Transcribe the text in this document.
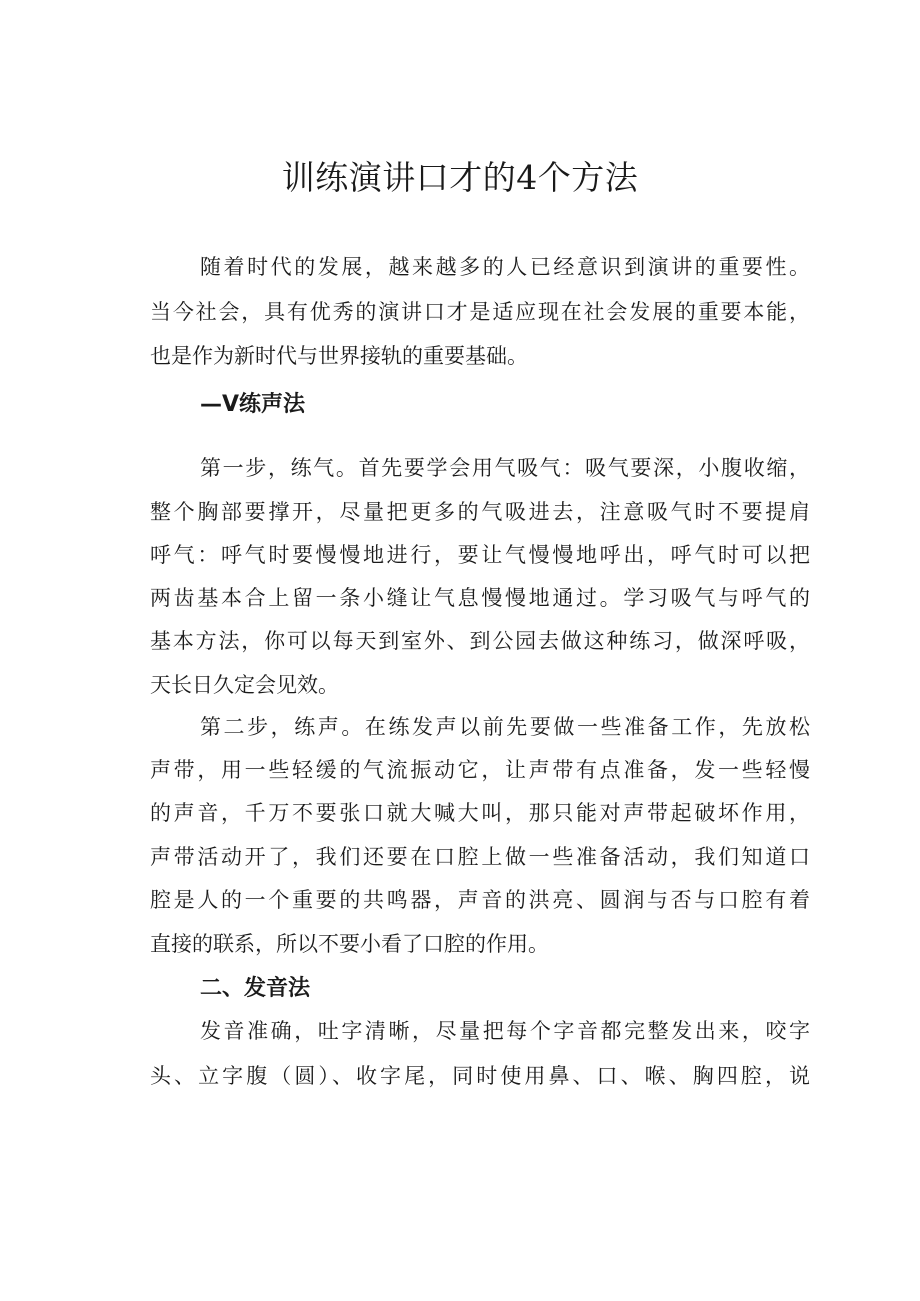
训练演讲口才的4个方法

随着时代的发展，越来越多的人已经意识到演讲的重要性。

当今社会，具有优秀的演讲口才是适应现在社会发展的重要本能，

也是作为新时代与世界接轨的重要基础。

—V练声法

第一步，练气。首先要学会用气吸气：吸气要深，小腹收缩，

整个胸部要撑开，尽量把更多的气吸进去，注意吸气时不要提肩

呼气：呼气时要慢慢地进行，要让气慢慢地呼出，呼气时可以把

两齿基本合上留一条小缝让气息慢慢地通过。学习吸气与呼气的

基本方法，你可以每天到室外、到公园去做这种练习，做深呼吸，

天长日久定会见效。

第二步，练声。在练发声以前先要做一些准备工作，先放松

声带，用一些轻缓的气流振动它，让声带有点准备，发一些轻慢

的声音，千万不要张口就大喊大叫，那只能对声带起破坏作用，

声带活动开了，我们还要在口腔上做一些准备活动，我们知道口

腔是人的一个重要的共鸣器，声音的洪亮、圆润与否与口腔有着

直接的联系，所以不要小看了口腔的作用。

二、发音法

发音准确，吐字清晰，尽量把每个字音都完整发出来，咬字

头、立字腹（圆）、收字尾，同时使用鼻、口、喉、胸四腔，说
